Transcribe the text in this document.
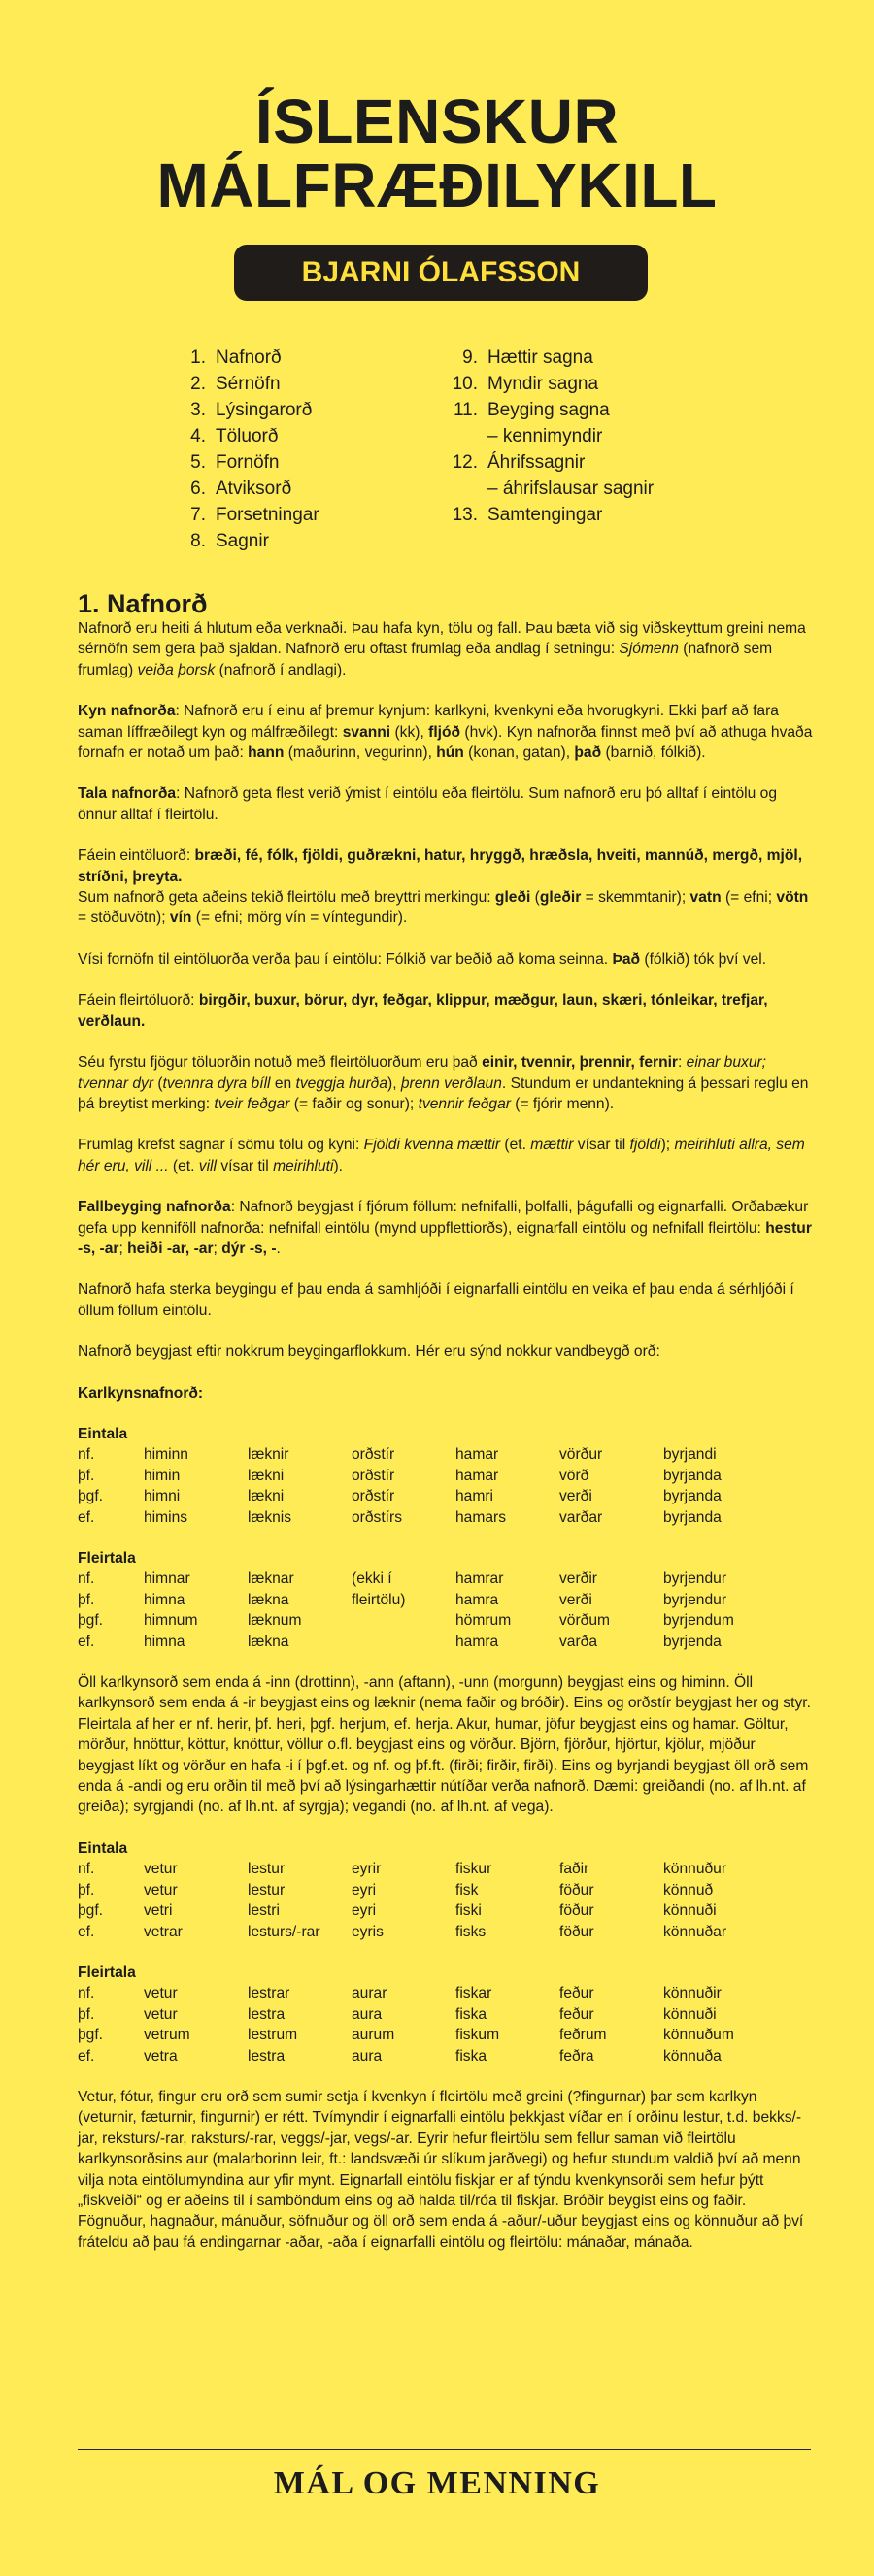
ÍSLENSKUR
MÁLFRÆÐILYKILL
BJARNI ÓLAFSSON
1. Nafnorð
2. Sérnöfn
3. Lýsingarorð
4. Töluorð
5. Fornöfn
6. Atviksorð
7. Forsetningar
8. Sagnir
9. Hættir sagna
10. Myndir sagna
11. Beyging sagna
– kennimyndir
12. Áhrifssagnir
– áhrifslausar sagnir
13. Samtengingar
1. Nafnorð

Nafnorð eru heiti á hlutum eða verknaði. Þau hafa kyn, tölu og fall. Þau bæta við sig viðskeyttum greini nema sérnöfn sem gera það sjaldan. Nafnorð eru oftast frumlag eða andlag í setningu: Sjómenn (nafnorð sem frumlag) veiða þorsk (nafnorð í andlagi).

Kyn nafnorða: Nafnorð eru í einu af þremur kynjum: karlkyni, kvenkyni eða hvorugkyni. Ekki þarf að fara saman líffræðilegt kyn og málfræðilegt: svanni (kk), fljóð (hvk). Kyn nafnorða finnst með því að athuga hvaða fornafn er notað um það: hann (maðurinn, vegurinn), hún (konan, gatan), það (barnið, fólkið).

Tala nafnorða: Nafnorð geta flest verið ýmist í eintölu eða fleirtölu. Sum nafnorð eru þó alltaf í eintölu og önnur alltaf í fleirtölu.

Fáein eintöluorð: bræði, fé, fólk, fjöldi, guðrækni, hatur, hryggð, hræðsla, hveiti, mannúð, mergð, mjöl, stríðni, þreyta.

Sum nafnorð geta aðeins tekið fleirtölu með breyttri merkingu: gleði (gleðir = skemmtanir); vatn (= efni; vötn = stöðuvötn); vín (= efni; mörg vín = víntegundir).

Vísi fornöfn til eintöluorða verða þau í eintölu: Fólkið var beðið að koma seinna. Það (fólkið) tók því vel.

Fáein fleirtöluorð: birgðir, buxur, börur, dyr, feðgar, klippur, mæðgur, laun, skæri, tónleikar, trefjar, verðlaun.

Séu fyrstu fjögur töluorðin notuð með fleirtöluorðum eru það einir, tvennir, þrennir, fernir: einar buxur; tvennar dyr (tvennra dyra bíll en tveggja hurða), þrenn verðlaun. Stundum er undantekning á þessari reglu en þá breytist merking: tveir feðgar (= faðir og sonur); tvennir feðgar (= fjórir menn).

Frumlag krefst sagnar í sömu tölu og kyni: Fjöldi kvenna mættir (et. mættir vísar til fjöldi); meirihluti allra, sem hér eru, vill ... (et. vill vísar til meirihluti).

Fallbeyging nafnorða: Nafnorð beygjast í fjórum föllum: nefnifalli, þolfalli, þágufalli og eignarfalli. Orðabækur gefa upp kenniföll nafnorða: nefnifall eintölu (mynd uppflettiorðs), eignarfall eintölu og nefnifall fleirtölu: hestur -s, -ar; heiði -ar, -ar; dýr -s, -.

Nafnorð hafa sterka beygingu ef þau enda á samhljóði í eignarfalli eintölu en veika ef þau enda á sérhljóði í öllum föllum eintölu.

Nafnorð beygjast eftir nokkrum beygingarflokkum. Hér eru sýnd nokkur vandbeygð orð:

Karlkynsnafnorð:

Eintala
nf.	himinn	læknir	orðstír	hamar	vörður	byrjandi
þf.	himin	lækni	orðstír	hamar	vörð	byrjanda
þgf.	himni	lækni	orðstír	hamri	verði	byrjanda
ef.	himins	læknis	orðstírs	hamars	varðar	byrjanda
Fleirtala
nf.	himnar	læknar	(ekki í	hamrar	verðir	byrjendur
þf.	himna	lækna	fleirtölu)	hamra	verði	byrjendur
þgf.	himnum	læknum		hömrum	vörðum	byrjendum
ef.	himna	lækna		hamra	varða	byrjenda

Öll karlkynsorð sem enda á -inn (drottinn), -ann (aftann), -unn (morgunn) beygjast eins og himinn. Öll karlkynsorð sem enda á -ir beygjast eins og læknir (nema faðir og bróðir). Eins og orðstír beygjast her og styr. Fleirtala af her er nf. herir, þf. heri, þgf. herjum, ef. herja. Akur, humar, jöfur beygjast eins og hamar. Göltur, mörður, hnöttur, köttur, knöttur, völlur o.fl. beygjast eins og vörður. Björn, fjörður, hjörtur, kjölur, mjöður beygjast líkt og vörður en hafa -i í þgf.et. og nf. og þf.ft. (firði; firðir, firði). Eins og byrjandi beygjast öll orð sem enda á -andi og eru orðin til með því að lýsingarhættir nútíðar verða nafnorð. Dæmi: greiðandi (no. af lh.nt. af greiða); syrgjandi (no. af lh.nt. af syrgja); vegandi (no. af lh.nt. af vega).

Eintala
nf.	vetur	lestur	eyrir	fiskur	faðir	könnuður
þf.	vetur	lestur	eyri	fisk	föður	könnuð
þgf.	vetri	lestri	eyri	fiski	föður	könnuði
ef.	vetrar	lesturs/-rar	eyris	fisks	föður	könnuðar
Fleirtala
nf.	vetur	lestrar	aurar	fiskar	feður	könnuðir
þf.	vetur	lestra	aura	fiska	feður	könnuði
þgf.	vetrum	lestrum	aurum	fiskum	feðrum	könnuðum
ef.	vetra	lestra	aura	fiska	feðra	könnuða

Vetur, fótur, fingur eru orð sem sumir setja í kvenkyn í fleirtölu með greini (?fingurnar) þar sem karlkyn (veturnir, fæturnir, fingurnir) er rétt. Tvímyndir í eignarfalli eintölu þekkjast víðar en í orðinu lestur, t.d. bekks/-jar, reksturs/-rar, raksturs/-rar, veggs/-jar, vegs/-ar. Eyrir hefur fleirtölu sem fellur saman við fleirtölu karlkynsorðsins aur (malarborinn leir, ft.: landsvæði úr slíkum jarðvegi) og hefur stundum valdið því að menn vilja nota eintölumyndina aur yfir mynt. Eignarfall eintölu fiskjar er af týndu kvenkynsorði sem hefur þýtt „fiskveiði“ og er aðeins til í samböndum eins og að halda til/róa til fiskjar. Bróðir beygist eins og faðir. Fögnuður, hagnaður, mánuður, söfnuður og öll orð sem enda á -aður/-uður beygjast eins og könnuður að því fráteldu að þau fá endingarnar -aðar, -aða í eignarfalli eintölu og fleirtölu: mánaðar, mánaða.

MÁL OG MENNING
